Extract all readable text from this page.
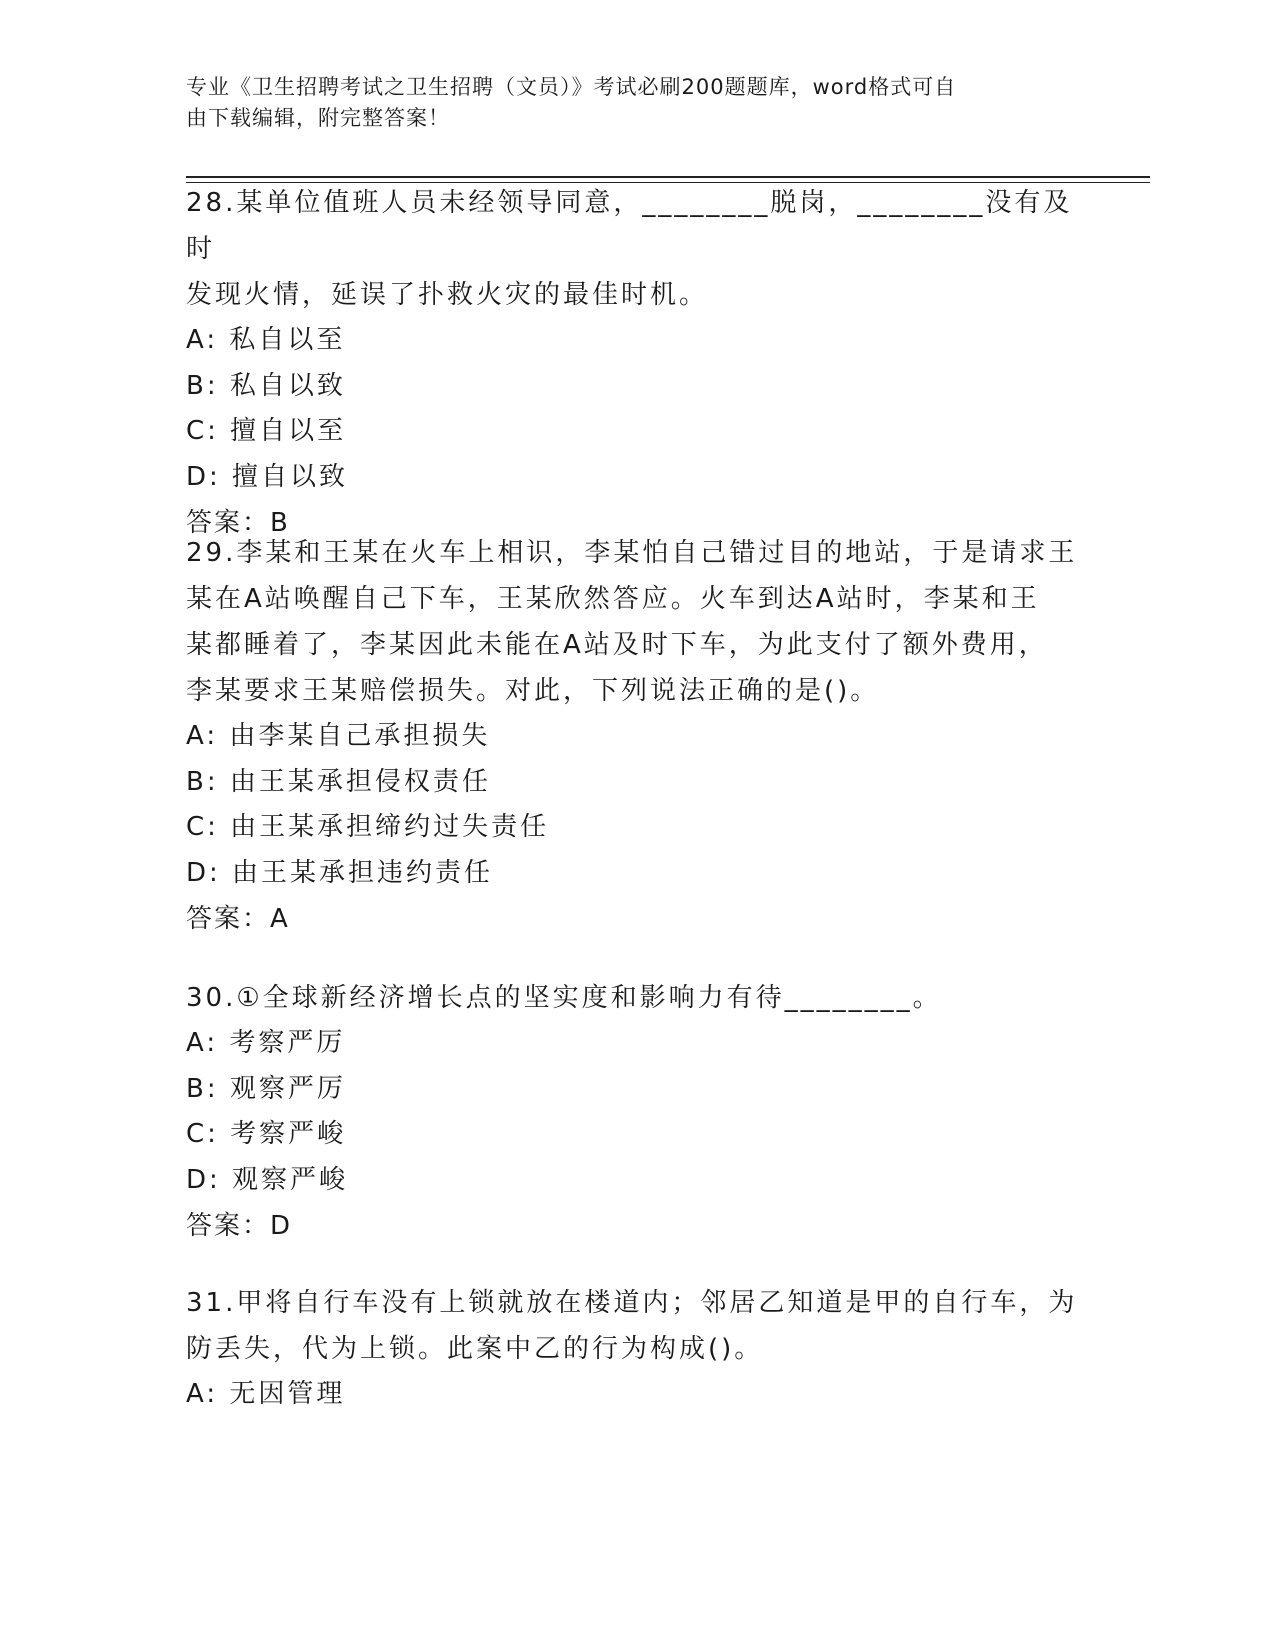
专业《卫生招聘考试之卫生招聘（文员）》考试必刷200题题库，word格式可自

由下载编辑，附完整答案！

28.某单位值班人员未经领导同意，________脱岗，________没有及时

发现火情，延误了扑救火灾的最佳时机。

A: 私自以至

B: 私自以致

C: 擅自以至

D: 擅自以致

答案：B

29.李某和王某在火车上相识，李某怕自己错过目的地站，于是请求王

某在A站唤醒自己下车，王某欣然答应。火车到达A站时，李某和王

某都睡着了，李某因此未能在A站及时下车，为此支付了额外费用，

李某要求王某赔偿损失。对此，下列说法正确的是()。

A: 由李某自己承担损失

B: 由王某承担侵权责任

C: 由王某承担缔约过失责任

D: 由王某承担违约责任

答案：A

30.①全球新经济增长点的坚实度和影响力有待________。

A: 考察严厉

B: 观察严厉

C: 考察严峻

D: 观察严峻

答案：D

31.甲将自行车没有上锁就放在楼道内；邻居乙知道是甲的自行车，为

防丢失，代为上锁。此案中乙的行为构成()。

A: 无因管理
